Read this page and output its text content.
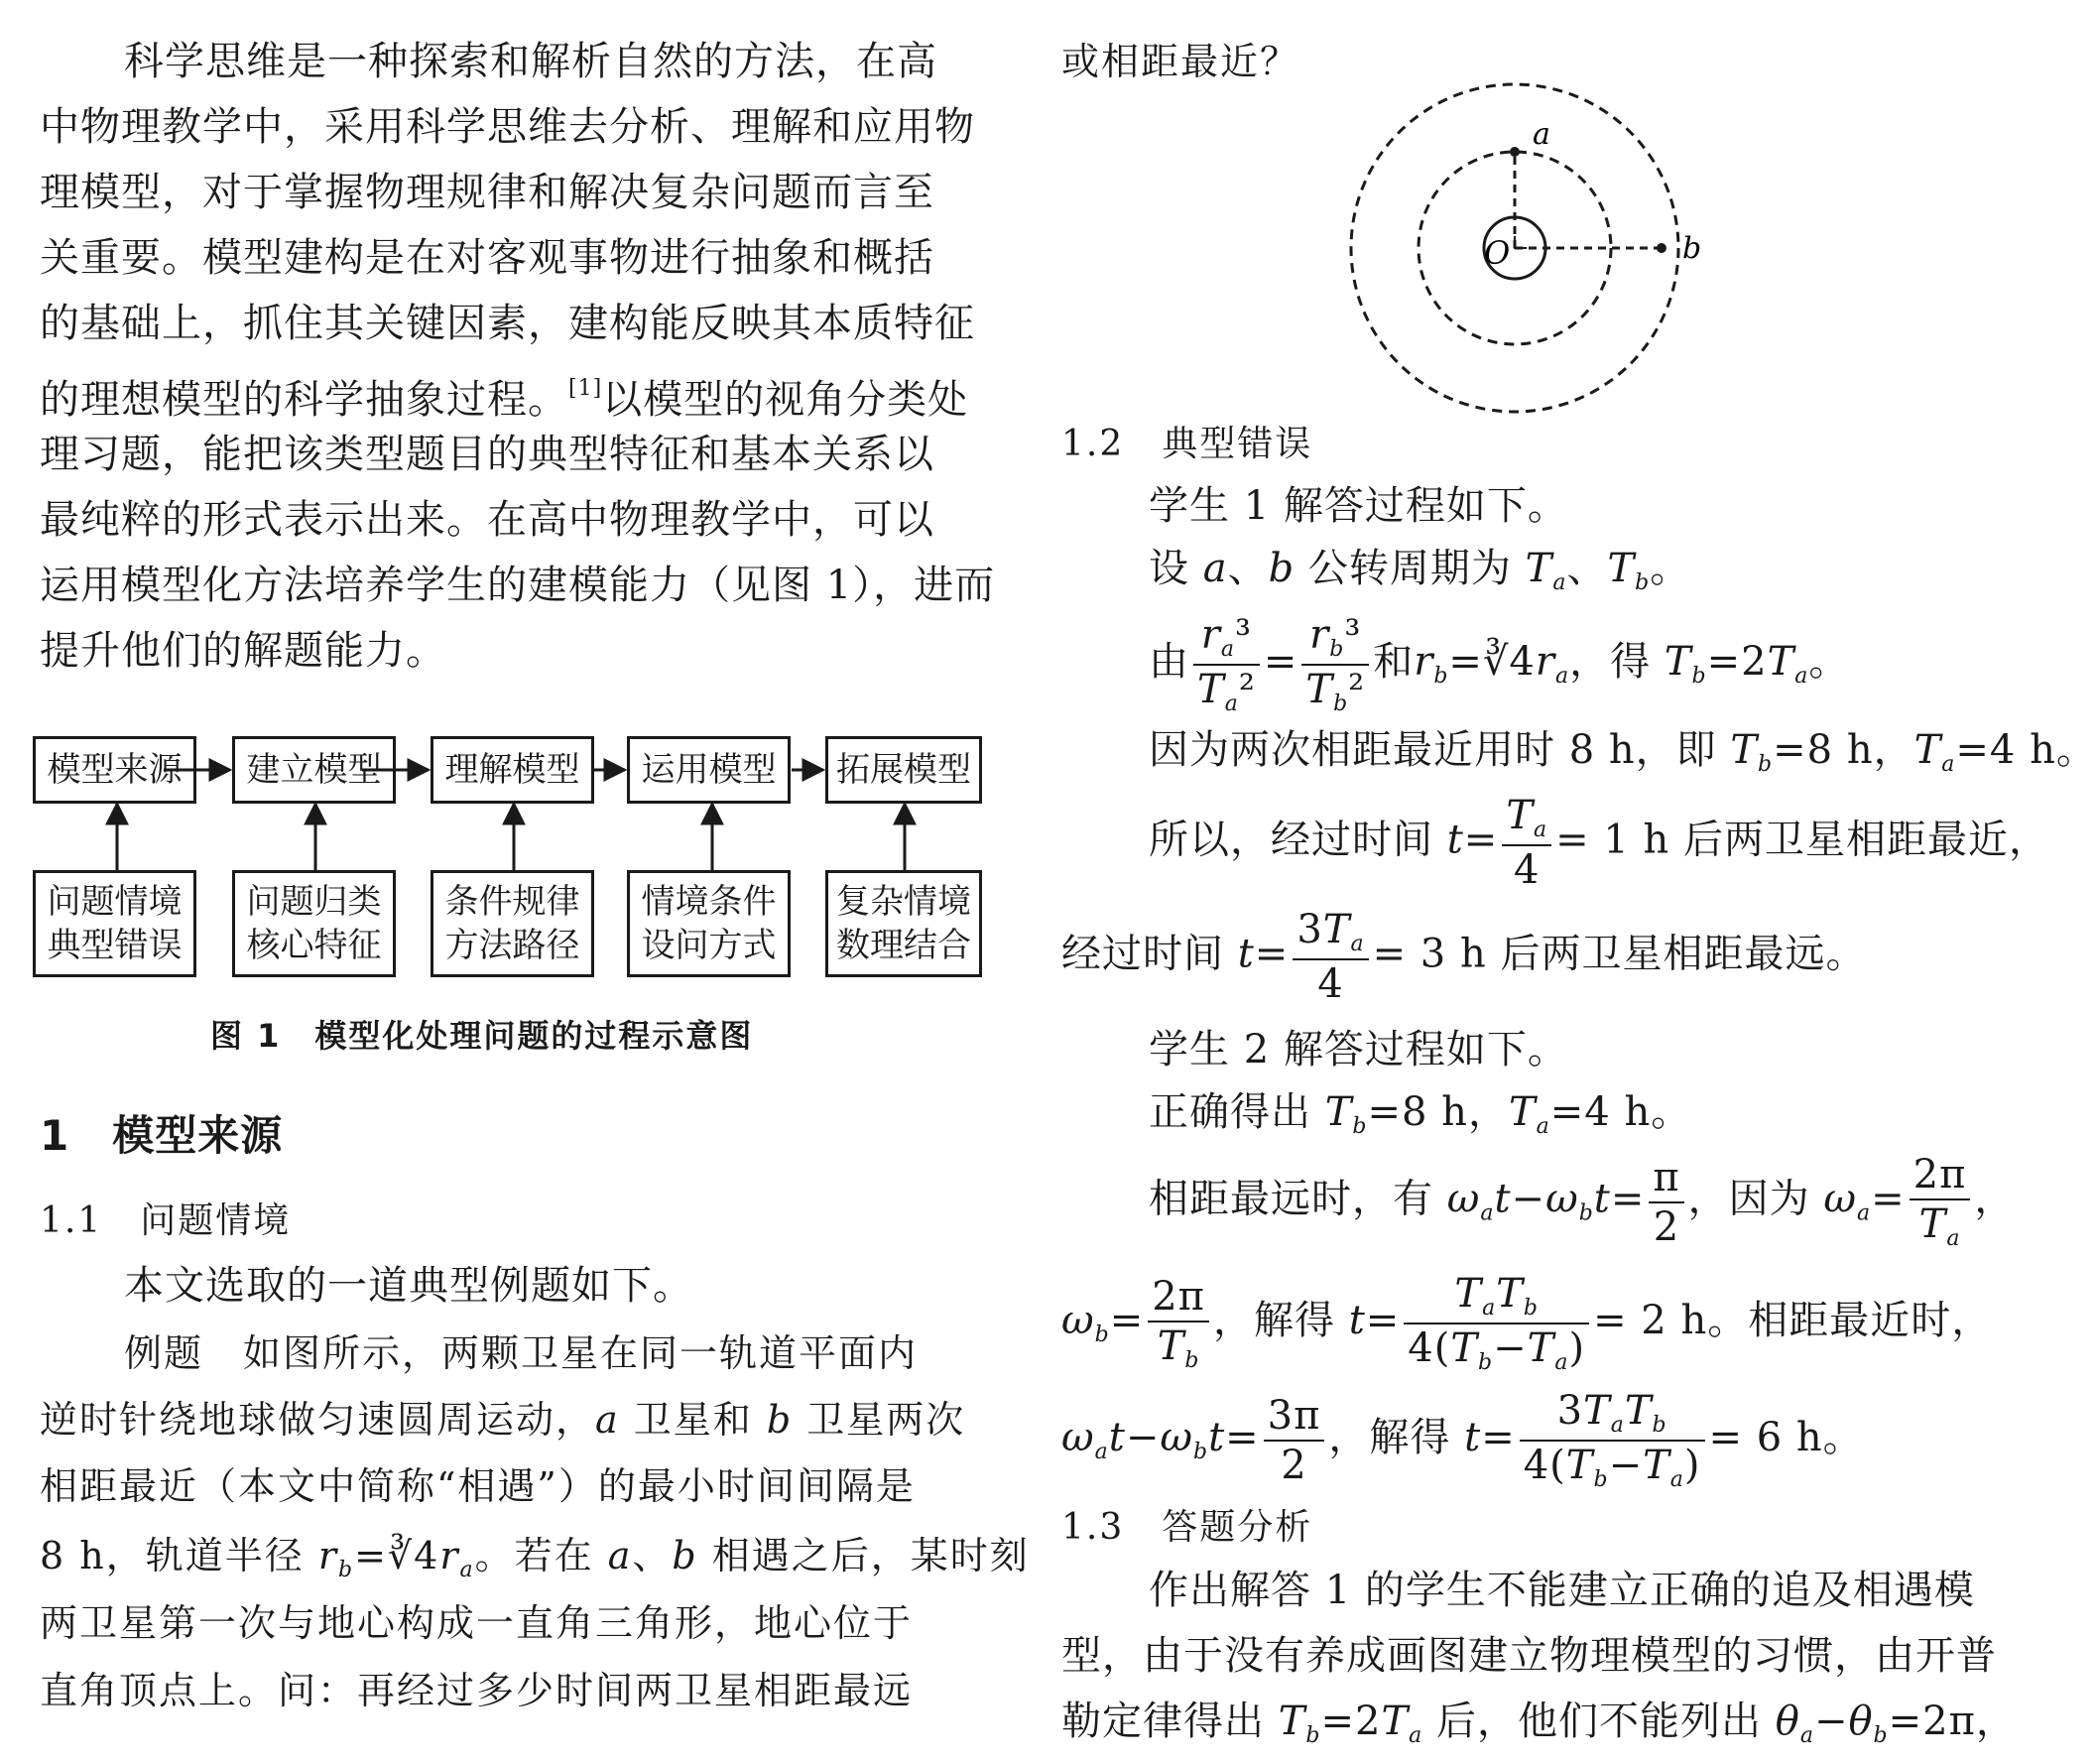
科学思维是一种探索和解析自然的方法，在高
中物理教学中，采用科学思维去分析、理解和应用物
理模型，对于掌握物理规律和解决复杂问题而言至
关重要。模型建构是在对客观事物进行抽象和概括
的基础上，抓住其关键因素，建构能反映其本质特征
的理想模型的科学抽象过程。[1]以模型的视角分类处
理习题，能把该类型题目的典型特征和基本关系以
最纯粹的形式表示出来。在高中物理教学中，可以
运用模型化方法培养学生的建模能力（见图 1），进而
提升他们的解题能力。
模型来源	建立模型	理解模型	运用模型	拓展模型
问题情境
典型错误
问题归类
核心特征
条件规律
方法路径
情境条件
设问方式
复杂情境
数理结合
图 1　模型化处理问题的过程示意图
1　模型来源
1.1　问题情境
本文选取的一道典型例题如下。
例题　如图所示，两颗卫星在同一轨道平面内
逆时针绕地球做匀速圆周运动，a 卫星和 b 卫星两次
相距最近（本文中简称“相遇”）的最小时间间隔是
8 h，轨道半径 $r_b=∛4r_a$。若在 a、b 相遇之后，某时刻
两卫星第一次与地心构成一直角三角形，地心位于
直角顶点上。问：再经过多少时间两卫星相距最远
或相距最近？
a
b
O
1.2　典型错误
学生 1 解答过程如下。
设 a、b 公转周期为 $T_a$、$T_b$。
由 $\frac{r_a^3}{T_a^2} = \frac{r_b^3}{T_b^2}$ 和$r_b=∛4r_a$，得 $T_b=2T_a$。
因为两次相距最近用时 8 h，即 $T_b=8$ h，$T_a=4$ h。
所以，经过时间 $t= \frac{T_a}{4} = 1$ h 后两卫星相距最近，
经过时间 $t= \frac{3T_a}{4} = 3$ h 后两卫星相距最远。
学生 2 解答过程如下。
正确得出 $T_b=8$ h，$T_a=4$ h。
相距最远时，有 $\omega_at-\omega_bt= \frac{\pi}{2}$ ，因为 $\omega_a= \frac{2\pi}{T_a}$ ，
$\omega_b= \frac{2\pi}{T_b}$ ，解得 $t= \frac{T_aT_b}{4(T_b-T_a)} = 2$ h。相距最近时，
$\omega_at-\omega_bt= \frac{3\pi}{2}$ ，解得 $t= \frac{3T_aT_b}{4(T_b-T_a)} = 6$ h。
1.3　答题分析
作出解答 1 的学生不能建立正确的追及相遇模
型，由于没有养成画图建立物理模型的习惯，由开普
勒定律得出 $T_b=2T_a$ 后，他们不能列出 $\theta_a-\theta_b=2\pi$，
